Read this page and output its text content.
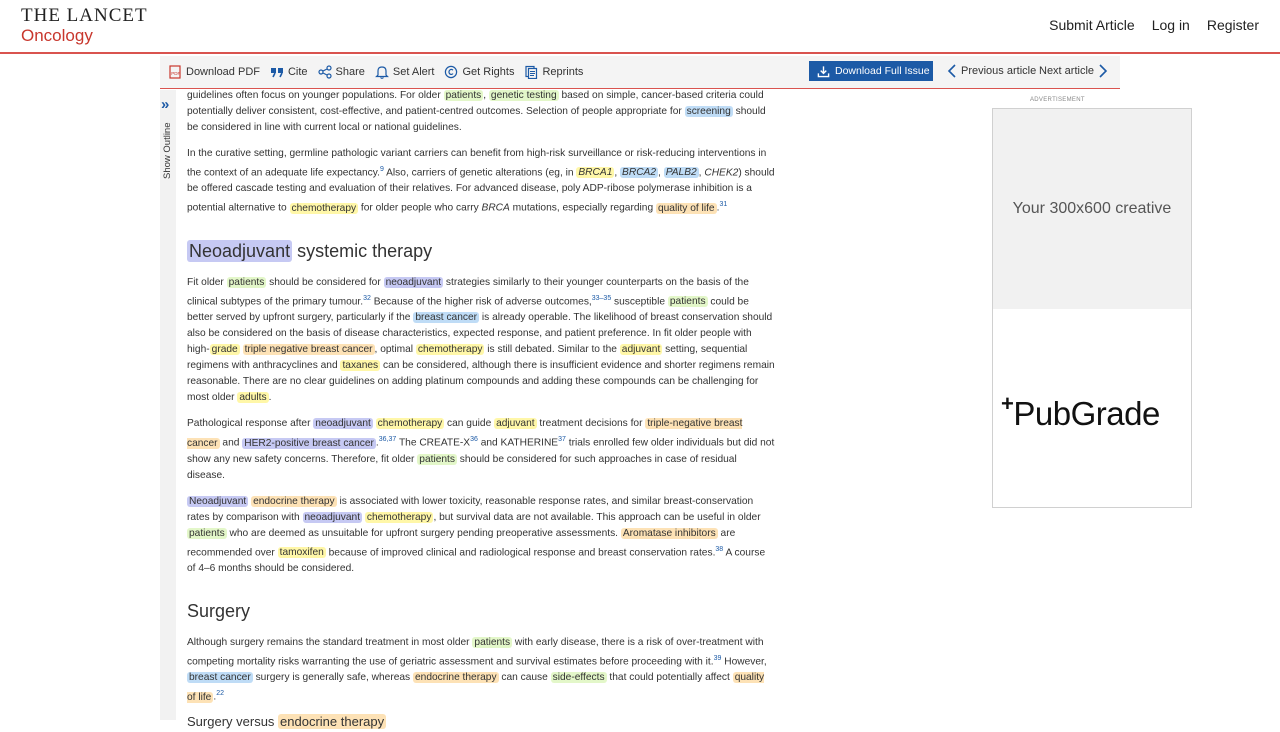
THE LANCET
Oncology
Submit Article Log in Register
PDF Download PDF	Cite	Share	Set Alert	Get Rights	Reprints	Download Full Issue	Previous article Next article
»
Show Outline

guidelines often focus on younger populations. For older patients , genetic testing based on simple, cancer-based criteria could potentially deliver consistent, cost-effective, and patient-centred outcomes. Selection of people appropriate for screening should be considered in line with current local or national guidelines.

In the curative setting, germline pathologic variant carriers can benefit from high-risk surveillance or risk-reducing interventions in the context of an adequate life expectancy.$^9$ Also, carriers of genetic alterations (eg, in BRCA1 , BRCA2 , PALB2 , CHEK2) should be offered cascade testing and evaluation of their relatives. For advanced disease, poly ADP-ribose polymerase inhibition is a potential alternative to chemotherapy for older people who carry BRCA mutations, especially regarding quality of life .$^{31}$

Neoadjuvant systemic therapy

Fit older patients should be considered for neoadjuvant strategies similarly to their younger counterparts on the basis of the clinical subtypes of the primary tumour.$^{32}$ Because of the higher risk of adverse outcomes,$^{33-35}$ susceptible patients could be better served by upfront surgery, particularly if the breast cancer is already operable. The likelihood of breast conservation should also be considered on the basis of disease characteristics, expected response, and patient preference. In fit older people with high- grade triple negative breast cancer , optimal chemotherapy is still debated. Similar to the adjuvant setting, sequential regimens with anthracyclines and taxanes can be considered, although there is insufficient evidence and shorter regimens remain reasonable. There are no clear guidelines on adding platinum compounds and adding these compounds can be challenging for most older adults .

Pathological response after neoadjuvant chemotherapy can guide adjuvant treatment decisions for triple-negative breast cancer and HER2-positive breast cancer .$^{36,37}$ The CREATE-$X^{36}$ and KATHERINE$^{37}$ trials enrolled few older individuals but did not show any new safety concerns. Therefore, fit older patients should be considered for such approaches in case of residual disease.

Neoadjuvant endocrine therapy is associated with lower toxicity, reasonable response rates, and similar breast-conservation rates by comparison with neoadjuvant chemotherapy , but survival data are not available. This approach can be useful in older patients who are deemed as unsuitable for upfront surgery pending preoperative assessments. Aromatase inhibitors are recommended over tamoxifen because of improved clinical and radiological response and breast conservation rates.$^{38}$ A course of 4–6 months should be considered.

Surgery

Although surgery remains the standard treatment in most older patients with early disease, there is a risk of over-treatment with competing mortality risks warranting the use of geriatric assessment and survival estimates before proceeding with it.$^{39}$ However, breast cancer surgery is generally safe, whereas endocrine therapy can cause side-effects that could potentially affect quality of life .$^{22}$

Surgery versus endocrine therapy
ADVERTISEMENT
Your 300x600 creative
+PubGrade
